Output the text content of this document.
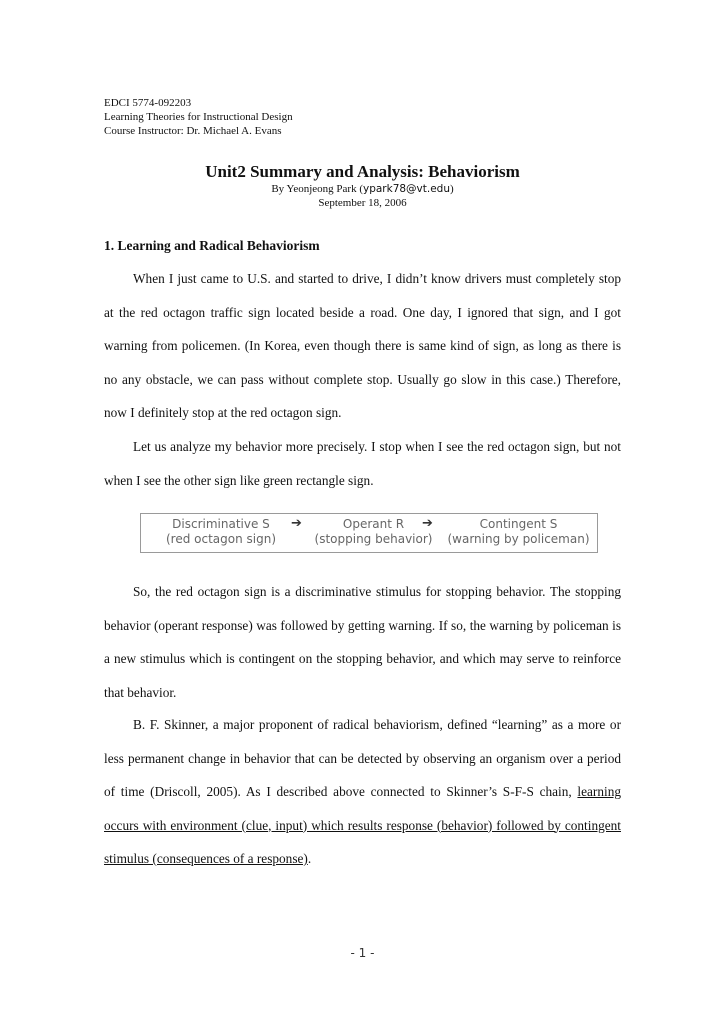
EDCI 5774-092203
Learning Theories for Instructional Design
Course Instructor: Dr. Michael A. Evans
Unit2 Summary and Analysis: Behaviorism
By Yeonjeong Park (ypark78@vt.edu)
September 18, 2006
1. Learning and Radical Behaviorism

When I just came to U.S. and started to drive, I didn’t know drivers must completely stop at the red octagon traffic sign located beside a road. One day, I ignored that sign, and I got warning from policemen. (In Korea, even though there is same kind of sign, as long as there is no any obstacle, we can pass without complete stop. Usually go slow in this case.) Therefore, now I definitely stop at the red octagon sign.

Let us analyze my behavior more precisely. I stop when I see the red octagon sign, but not when I see the other sign like green rectangle sign.

Discriminative S
(red octagon sign)
➔	Operant R
(stopping behavior)
➔	Contingent S
(warning by policeman)

So, the red octagon sign is a discriminative stimulus for stopping behavior. The stopping behavior (operant response) was followed by getting warning. If so, the warning by policeman is a new stimulus which is contingent on the stopping behavior, and which may serve to reinforce that behavior.

B. F. Skinner, a major proponent of radical behaviorism, defined “learning” as a more or less permanent change in behavior that can be detected by observing an organism over a period of time (Driscoll, 2005). As I described above connected to Skinner’s S-F-S chain, learning occurs with environment (clue, input) which results response (behavior) followed by contingent stimulus (consequences of a response).

- 1 -
